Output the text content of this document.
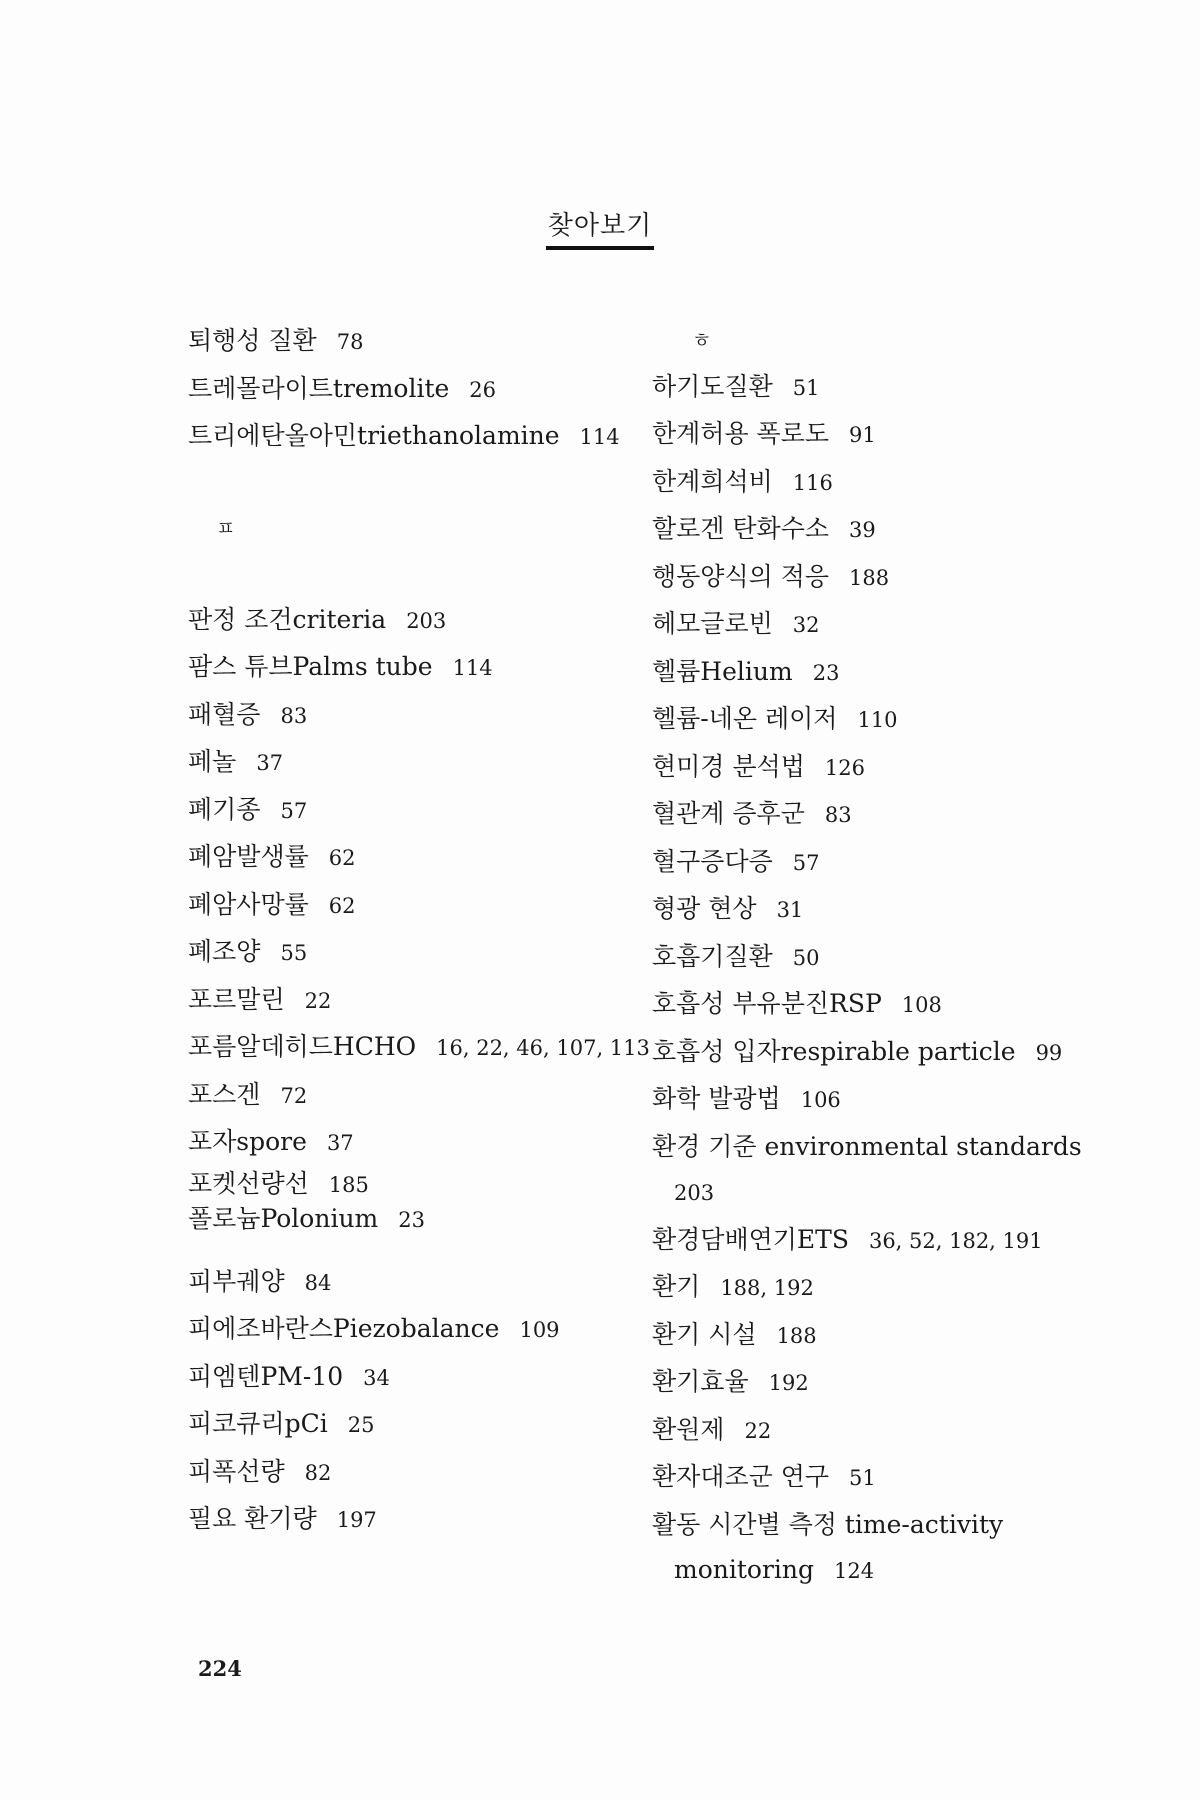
찾아보기
퇴행성 질환 78
트레몰라이트tremolite 26
트리에탄올아민triethanolamine 114
ㅍ
판정 조건criteria 203
팜스 튜브Palms tube 114
패혈증 83
페놀 37
폐기종 57
폐암발생률 62
폐암사망률 62
폐조양 55
포르말린 22
포름알데히드HCHO 16, 22, 46, 107, 113
포스겐 72
포자spore 37
포켓선량선 185
폴로늄Polonium 23
피부궤양 84
피에조바란스Piezobalance 109
피엠텐PM-10 34
피코큐리pCi 25
피폭선량 82
필요 환기량 197
ㅎ
하기도질환 51
한계허용 폭로도 91
한계희석비 116
할로겐 탄화수소 39
행동양식의 적응 188
헤모글로빈 32
헬륨Helium 23
헬륨-네온 레이저 110
현미경 분석법 126
혈관계 증후군 83
혈구증다증 57
형광 현상 31
호흡기질환 50
호흡성 부유분진RSP 108
호흡성 입자respirable particle 99
화학 발광법 106
환경 기준 environmental standards
203
환경담배연기ETS 36, 52, 182, 191
환기 188, 192
환기 시설 188
환기효율 192
환원제 22
환자대조군 연구 51
활동 시간별 측정 time-activity
monitoring 124
224
